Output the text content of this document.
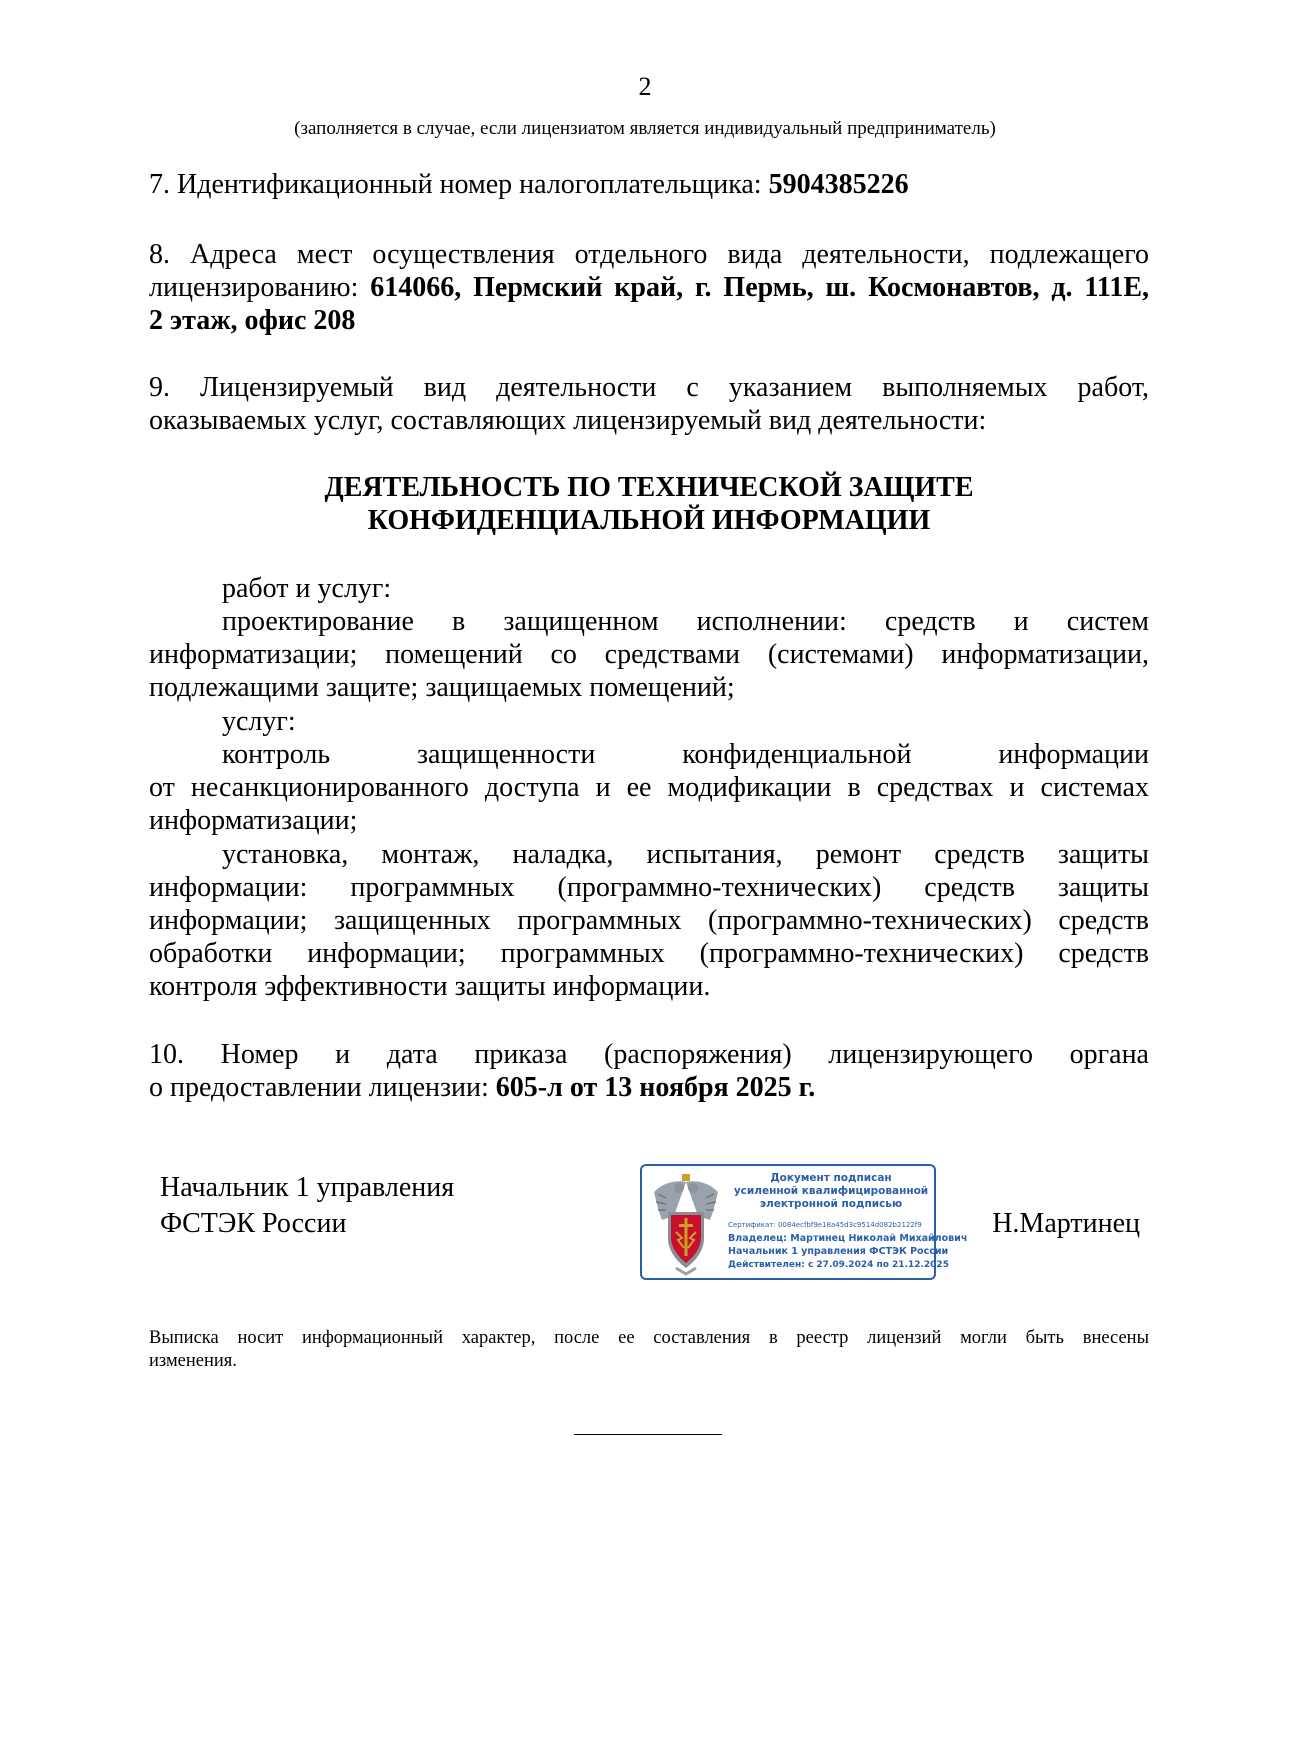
2
(заполняется в случае, если лицензиатом является индивидуальный предприниматель)
7. Идентификационный номер налогоплательщика: 5904385226
8. Адреса мест осуществления отдельного вида деятельности, подлежащего
лицензированию: 614066, Пермский край, г. Пермь, ш. Космонавтов, д. 111Е,
2 этаж, офис 208
9. Лицензируемый вид деятельности с указанием выполняемых работ,
оказываемых услуг, составляющих лицензируемый вид деятельности:
ДЕЯТЕЛЬНОСТЬ ПО ТЕХНИЧЕСКОЙ ЗАЩИТЕ
КОНФИДЕНЦИАЛЬНОЙ ИНФОРМАЦИИ
работ и услуг:
проектирование в защищенном исполнении: средств и систем
информатизации; помещений со средствами (системами) информатизации,
подлежащими защите; защищаемых помещений;
услуг:
контроль защищенности конфиденциальной информации
от несанкционированного доступа и ее модификации в средствах и системах
информатизации;
установка, монтаж, наладка, испытания, ремонт средств защиты
информации: программных (программно-технических) средств защиты
информации; защищенных программных (программно-технических) средств
обработки информации; программных (программно-технических) средств
контроля эффективности защиты информации.
10. Номер и дата приказа (распоряжения) лицензирующего органа
о предоставлении лицензии: 605-л от 13 ноября 2025 г.
Начальник 1 управления
ФСТЭК России	Н.Мартинец
Документ подписан
усиленной квалифицированной
электронной подписью
Сертификат: 0084ecfbf9e18a45d3c9514d082b2122f9
Владелец: Мартинец Николай Михайлович
Начальник 1 управления ФСТЭК России
Действителен: с 27.09.2024 по 21.12.2025
Выписка носит информационный характер, после ее составления в реестр лицензий могли быть внесены
изменения.
